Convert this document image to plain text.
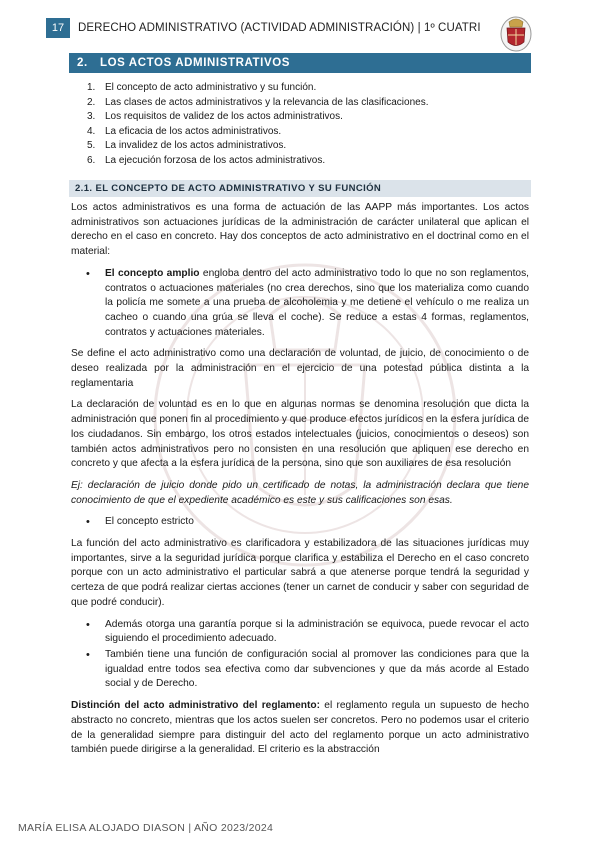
17	DERECHO ADMINISTRATIVO (ACTIVIDAD ADMINISTRACIÓN) | 1º CUATRI
2. LOS ACTOS ADMINISTRATIVOS
1. El concepto de acto administrativo y su función.
2. Las clases de actos administrativos y la relevancia de las clasificaciones.
3. Los requisitos de validez de los actos administrativos.
4. La eficacia de los actos administrativos.
5. La invalidez de los actos administrativos.
6. La ejecución forzosa de los actos administrativos.
2.1. EL CONCEPTO DE ACTO ADMINISTRATIVO Y SU FUNCIÓN

Los actos administrativos es una forma de actuación de las AAPP más importantes. Los actos administrativos son actuaciones jurídicas de la administración de carácter unilateral que aplican el derecho en el caso en concreto. Hay dos conceptos de acto administrativo en el doctrinal como en el material:

• El concepto amplio engloba dentro del acto administrativo todo lo que no son reglamentos, contratos o actuaciones materiales (no crea derechos, sino que los materializa como cuando la policía me somete a una prueba de alcoholemia y me detiene el vehículo o me realiza un cacheo o cuando una grúa se lleva el coche). Se reduce a estas 4 formas, reglamentos, contratos y actuaciones materiales.

Se define el acto administrativo como una declaración de voluntad, de juicio, de conocimiento o de deseo realizada por la administración en el ejercicio de una potestad pública distinta a la reglamentaria

La declaración de voluntad es en lo que en algunas normas se denomina resolución que dicta la administración que ponen fin al procedimiento y que produce efectos jurídicos en la esfera jurídica de los ciudadanos. Sin embargo, los otros estados intelectuales (juicios, conocimientos o deseos) son también actos administrativos pero no consisten en una resolución que apliquen ese derecho en concreto y que afecta a la esfera jurídica de la persona, sino que son auxiliares de esa resolución

Ej: declaración de juicio donde pido un certificado de notas, la administración declara que tiene conocimiento de que el expediente académico es este y sus calificaciones son esas.

• El concepto estricto

La función del acto administrativo es clarificadora y estabilizadora de las situaciones jurídicas muy importantes, sirve a la seguridad jurídica porque clarifica y estabiliza el Derecho en el caso concreto porque con un acto administrativo el particular sabrá a que atenerse porque tendrá la seguridad y certeza de que podrá realizar ciertas acciones (tener un carnet de conducir y saber con seguridad de que podré conducir).

• Además otorga una garantía porque si la administración se equivoca, puede revocar el acto siguiendo el procedimiento adecuado.
• También tiene una función de configuración social al promover las condiciones para que la igualdad entre todos sea efectiva como dar subvenciones y que da más acorde al Estado social y de Derecho.

Distinción del acto administrativo del reglamento: el reglamento regula un supuesto de hecho abstracto no concreto, mientras que los actos suelen ser concretos. Pero no podemos usar el criterio de la generalidad siempre para distinguir del acto del reglamento porque un acto administrativo también puede dirigirse a la generalidad. El criterio es la abstracción

MARÍA ELISA ALOJADO DIASON | AÑO 2023/2024
